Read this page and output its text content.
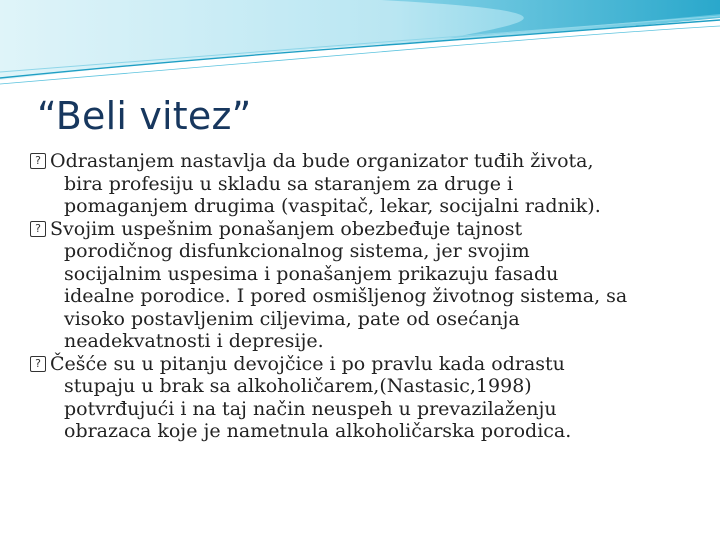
“Beli vitez”
? Odrastanjem nastavlja da bude organizator tuđih života,
bira profesiju u skladu sa staranjem za druge i
pomaganjem drugima (vaspitač, lekar, socijalni radnik).
? Svojim uspešnim ponašanjem obezbeđuje tajnost
porodičnog disfunkcionalnog sistema, jer svojim
socijalnim uspesima i ponašanjem prikazuju fasadu
idealne porodice. I pored osmišljenog životnog sistema, sa
visoko postavljenim ciljevima, pate od osećanja
neadekvatnosti i depresije.
? Češće su u pitanju devojčice i po pravlu kada odrastu
stupaju u brak sa alkoholičarem,(Nastasic,1998)
potvrđujući i na taj način neuspeh u prevazilaženju
obrazaca koje je nametnula alkoholičarska porodica.
